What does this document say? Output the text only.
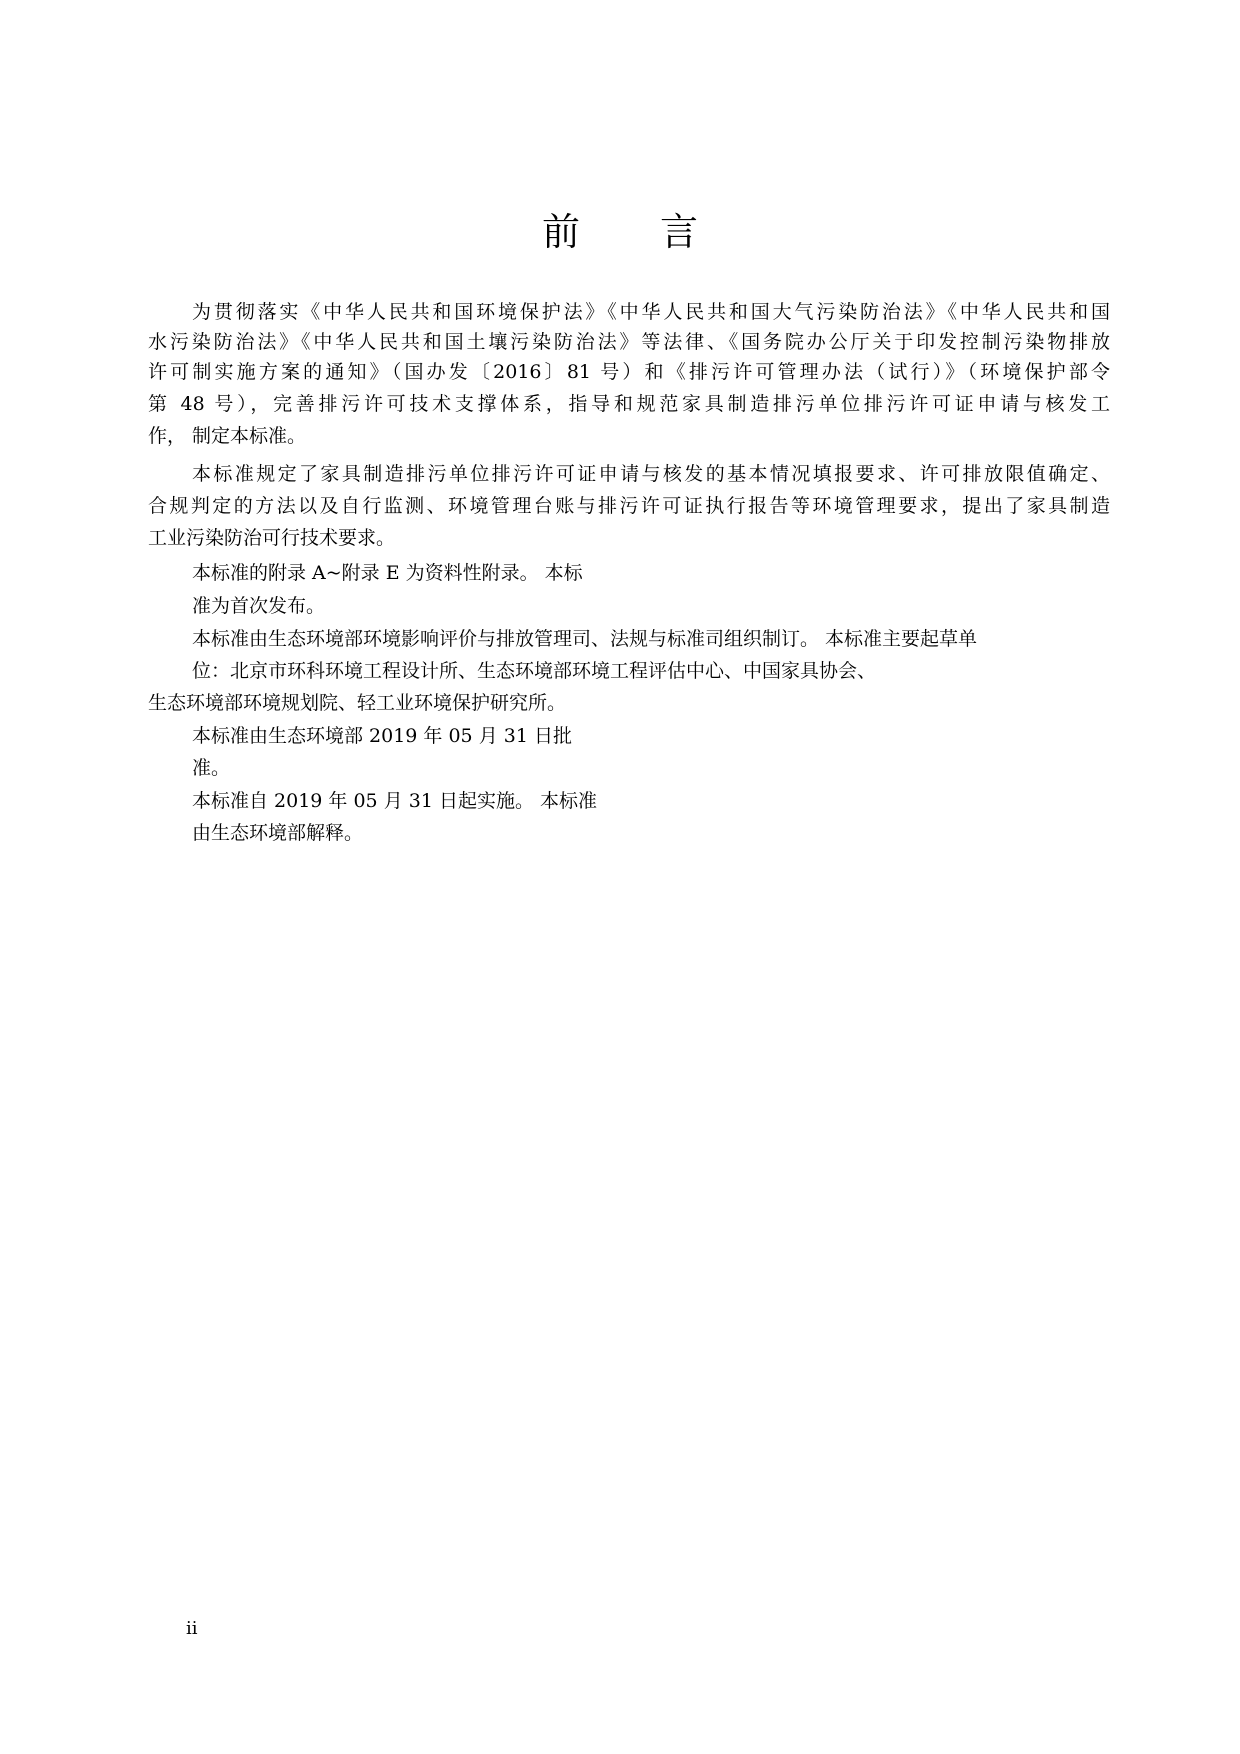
前 言
为贯彻落实《中华人民共和国环境保护法》《中华人民共和国大气污染防治法》《中华人民共和国
水污染防治法》《中华人民共和国土壤污染防治法》等法律、《国务院办公厅关于印发控制污染物排放
许可制实施方案的通知》（国办发〔2016〕81 号）和《排污许可管理办法（试行）》（环境保护部令
第 48 号），完善排污许可技术支撑体系，指导和规范家具制造排污单位排污许可证申请与核发工
作， 制定本标准。
本标准规定了家具制造排污单位排污许可证申请与核发的基本情况填报要求、许可排放限值确定、
合规判定的方法以及自行监测、环境管理台账与排污许可证执行报告等环境管理要求，提出了家具制造
工业污染防治可行技术要求。
本标准的附录 A~附录 E 为资料性附录。 本标
准为首次发布。
本标准由生态环境部环境影响评价与排放管理司、法规与标准司组织制订。 本标准主要起草单
位：北京市环科环境工程设计所、生态环境部环境工程评估中心、中国家具协会、
生态环境部环境规划院、轻工业环境保护研究所。
本标准由生态环境部 2019 年 05 月 31 日批
准。
本标准自 2019 年 05 月 31 日起实施。 本标准
由生态环境部解释。
ii
